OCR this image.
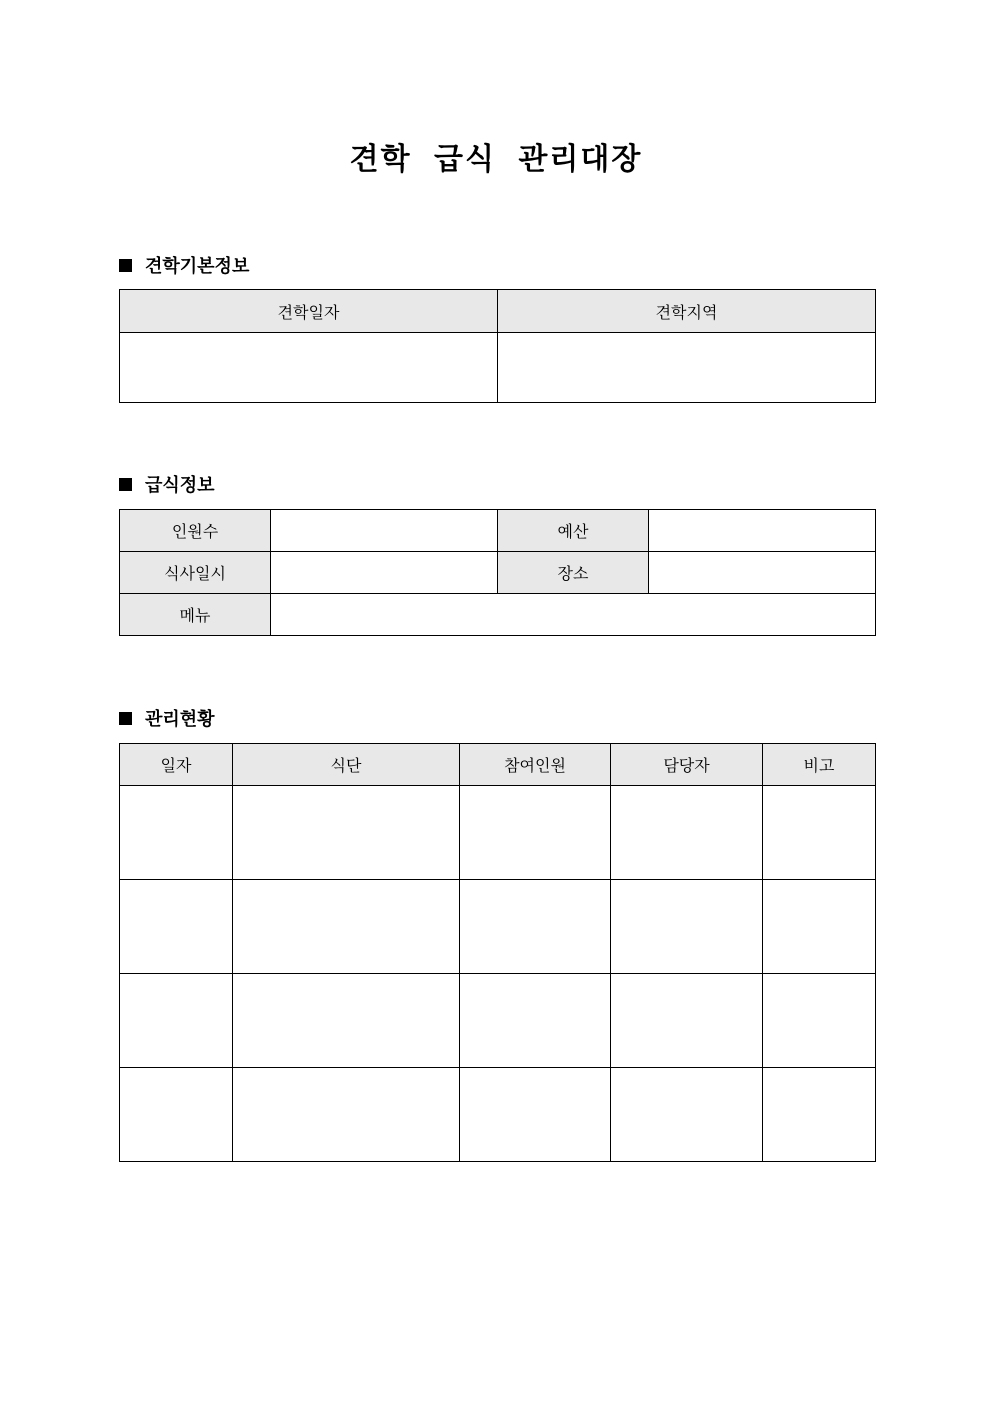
견학 급식 관리대장
견학기본정보
견학일자	견학지역

급식정보
인원수		예산	
식사일시		장소	
메뉴			
관리현황
일자	식단	참여인원	담당자	비고
